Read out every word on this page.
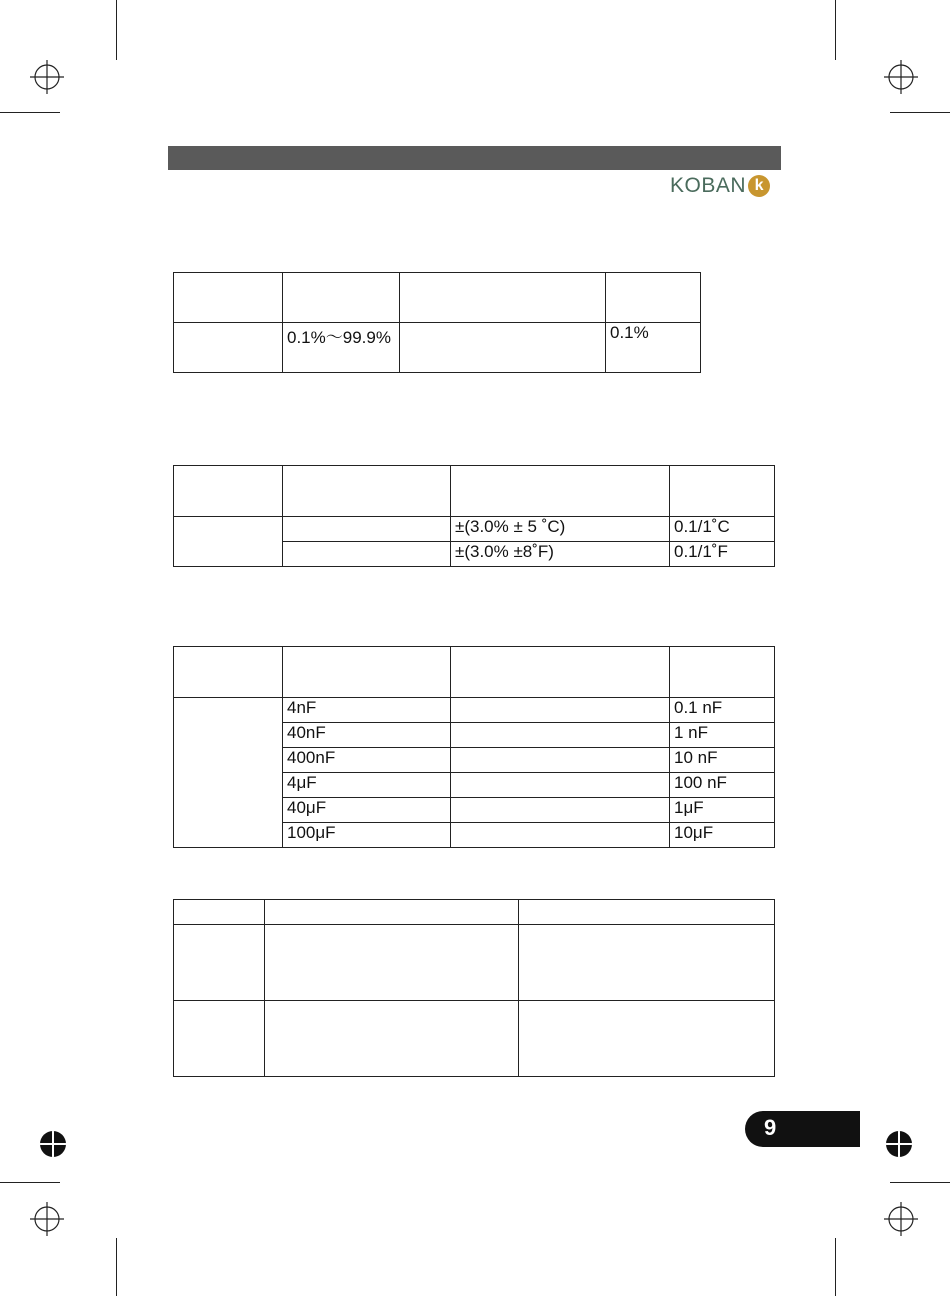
KOBAN k

	0.1%～99.9%		0.1%

		±(3.0% ± 5 ˚C)	0.1/1˚C
		±(3.0% ±8˚F)	0.1/1˚F

	4nF		0.1 nF
	40nF		1 nF
	400nF		10 nF
	4μF		100 nF
	40μF		1μF
	100μF		10μF

9
